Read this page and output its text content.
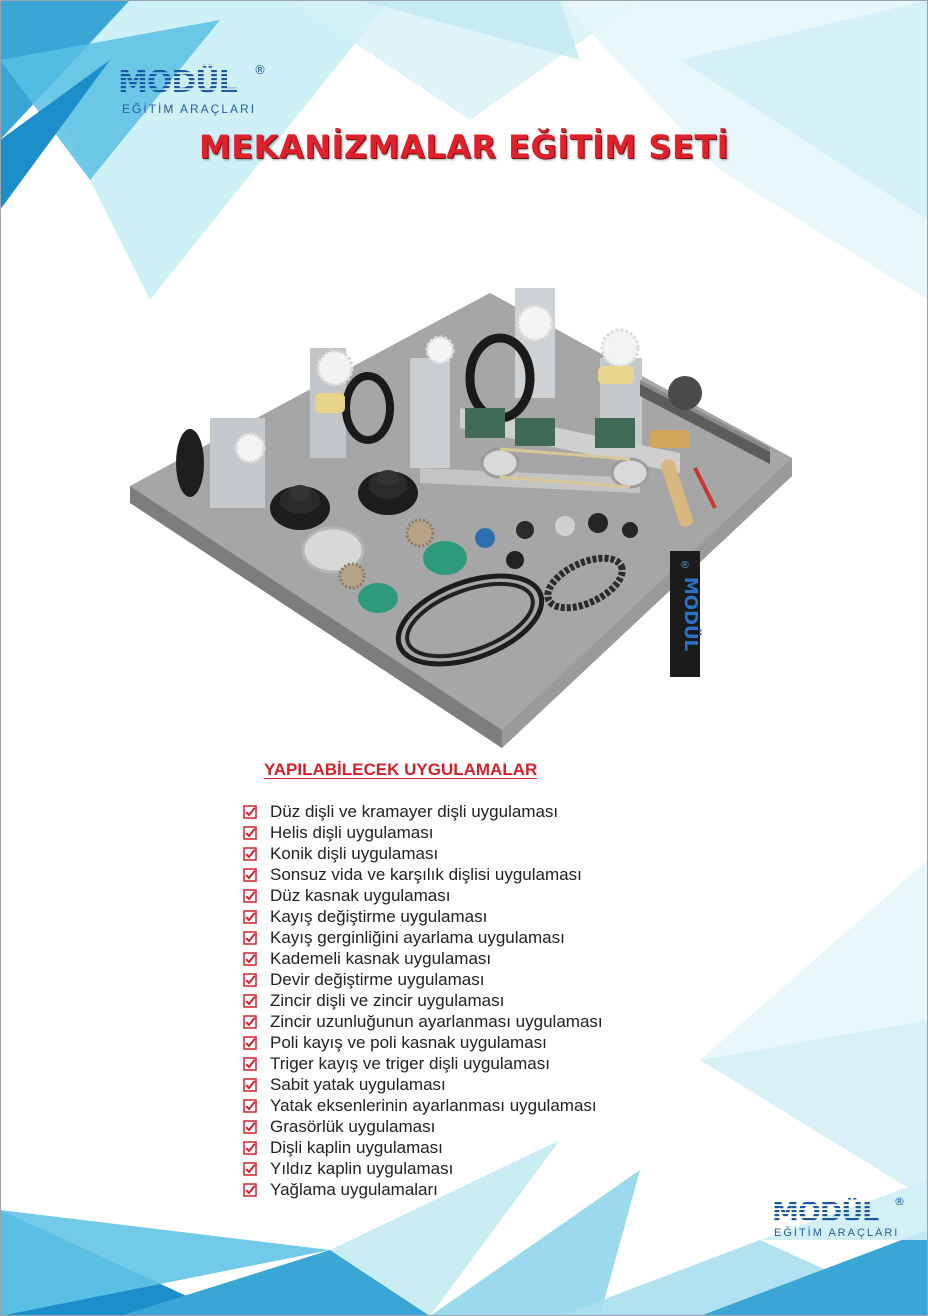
MODÜL ®
EĞİTİM ARAÇLARI
MEKANİZMALAR EĞİTİM SETİ
®
MODÜL
YAPILABİLECEK UYGULAMALAR
Düz dişli ve kramayer dişli uygulaması
Helis dişli uygulaması
Konik dişli uygulaması
Sonsuz vida ve karşılık dişlisi uygulaması
Düz kasnak uygulaması
Kayış değiştirme uygulaması
Kayış gerginliğini ayarlama uygulaması
Kademeli kasnak uygulaması
Devir değiştirme uygulaması
Zincir dişli ve zincir uygulaması
Zincir uzunluğunun ayarlanması uygulaması
Poli kayış ve poli kasnak uygulaması
Triger kayış ve triger dişli uygulaması
Sabit yatak uygulaması
Yatak eksenlerinin ayarlanması uygulaması
Grasörlük uygulaması
Dişli kaplin uygulaması
Yıldız kaplin uygulaması
Yağlama uygulamaları
MODÜL ®
EĞİTİM ARAÇLARI
